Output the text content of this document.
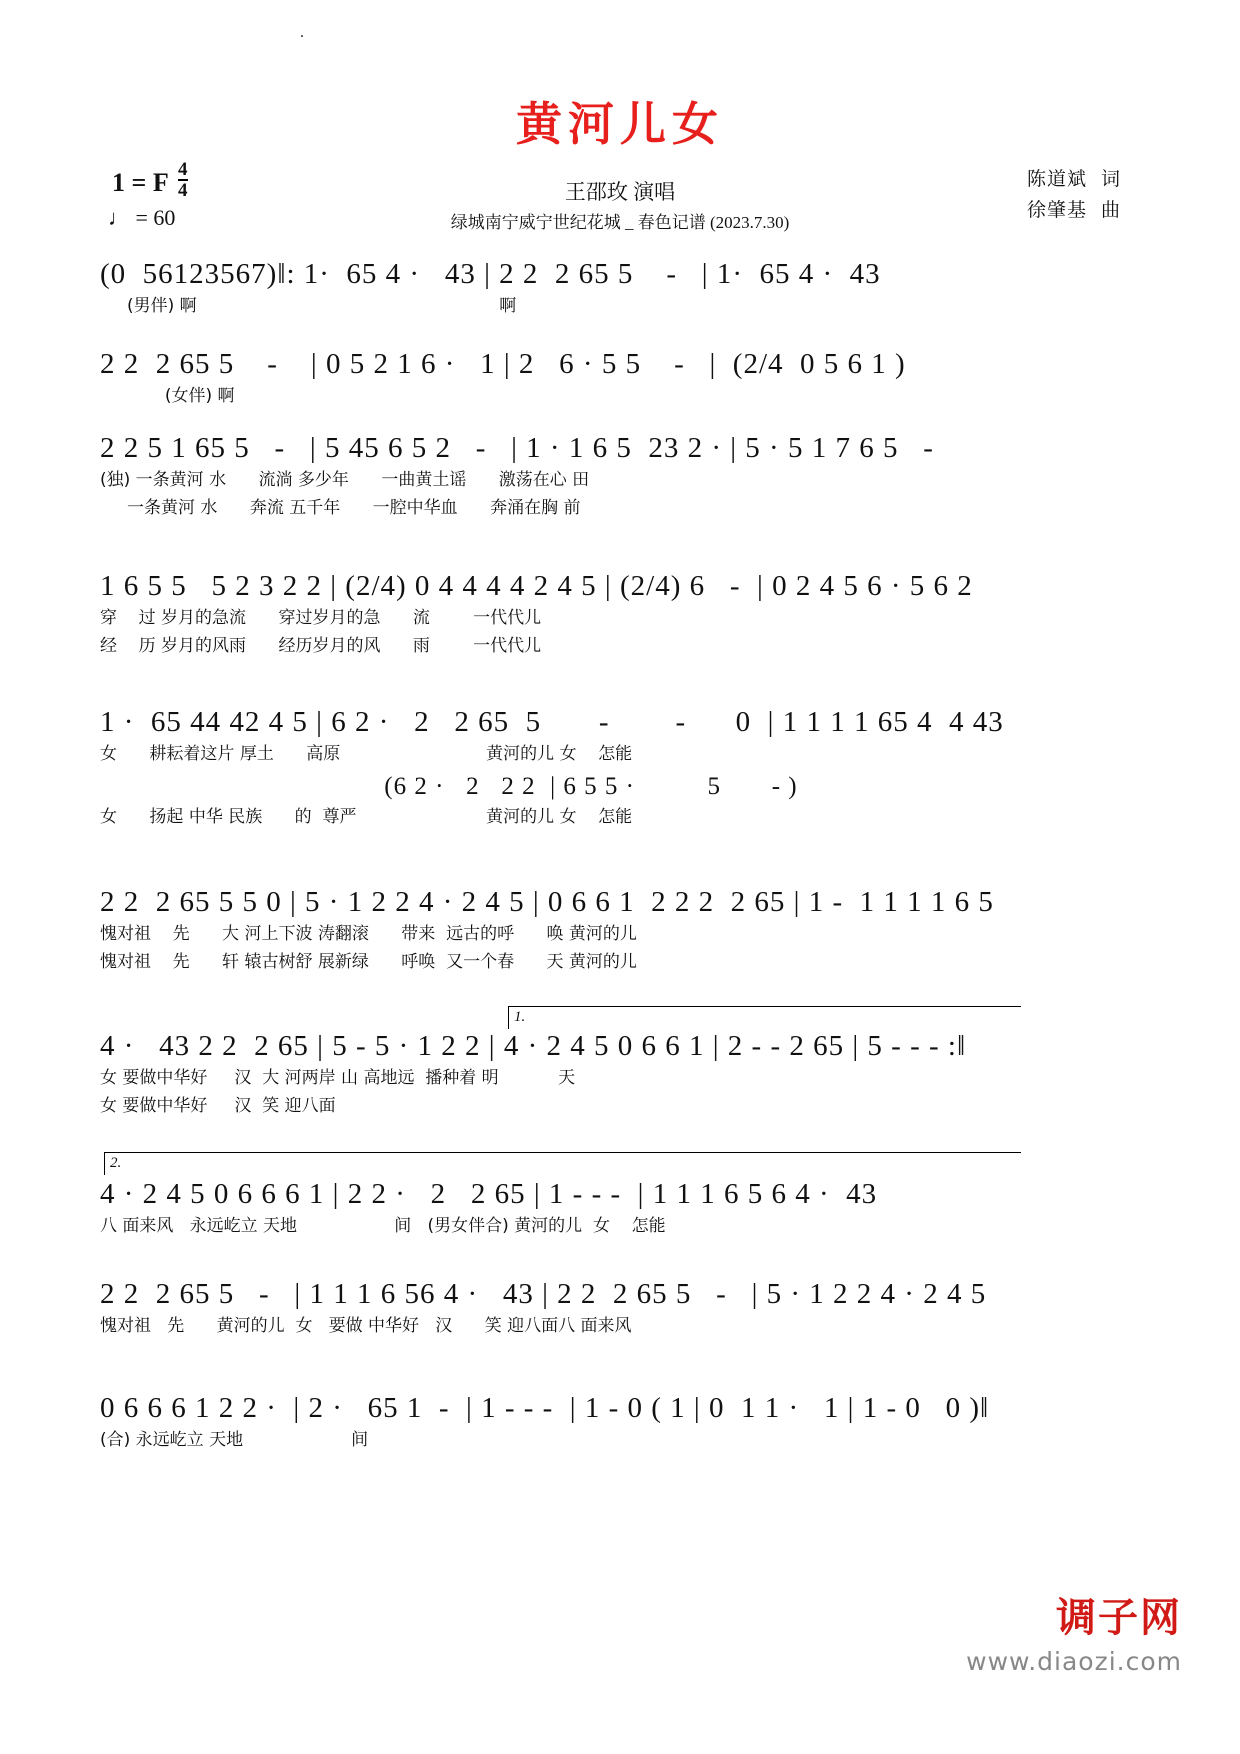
.
黄河儿女
1 = F $\frac{4}{4}$
♩ = 60
王邵玫 演唱
绿城南宁威宁世纪花城 _ 春色记谱 (2023.7.30)
陈道斌 词
徐肇基 曲
(0  56123567)‖: 1·  65 4 ·   43 | 2 2  2 65 5    -   | 1·  65 4 ·  43
(男伴) 啊                                                        啊
2 2  2 65 5    -    | 0 5 2 1 6 ·   1 | 2   6 · 5 5    -   |  (2/4  0 5 6 1 )
(女伴) 啊
2 2 5 1 65 5   -   | 5 45 6 5 2   -   | 1 · 1 6 5  23 2 · | 5 · 5 1 7 6 5   -
(独) 一条黄河 水      流淌 多少年      一曲黄土谣      激荡在心 田
一条黄河 水      奔流 五千年      一腔中华血      奔涌在胸 前
1 6 5 5   5 2 3 2 2 | (2/4) 0 4 4 4 4 2 4 5 | (2/4) 6   -  | 0 2 4 5 6 · 5 6 2
穿    过 岁月的急流      穿过岁月的急      流        一代代儿
经    历 岁月的风雨      经历岁月的风      雨        一代代儿
1 ·  65 44 42 4 5 | 6 2 ·   2   2 65  5       -        -      0  | 1 1 1 1 65 4  4 43
女      耕耘着这片 厚土      高原                           黄河的儿 女    怎能
(6 2 ·   2   2 2  | 6 5 5 ·          5       - )
女      扬起 中华 民族      的  尊严                        黄河的儿 女    怎能
2 2  2 65 5 5 0 | 5 · 1 2 2 4 · 2 4 5 | 0 6 6 1  2 2 2  2 65 | 1 -  1 1 1 1 6 5
愧对祖    先      大 河上下波 涛翻滚      带来  远古的呼      唤 黄河的儿
愧对祖    先      轩 辕古树舒 展新绿      呼唤  又一个春      天 黄河的儿
1.
4 ·   43 2 2  2 65 | 5 - 5 · 1 2 2 | 4 · 2 4 5 0 6 6 1 | 2 - - 2 65 | 5 - - - :‖
女 要做中华好     汉  大 河两岸 山 高地远  播种着 明           天
女 要做中华好     汉  笑 迎八面
2.
4 · 2 4 5 0 6 6 6 1 | 2 2 ·   2   2 65 | 1 - - -  | 1 1 1 6 5 6 4 ·  43
八 面来风   永远屹立 天地                  间   (男女伴合) 黄河的儿  女    怎能
2 2  2 65 5   -   | 1 1 1 6 56 4 ·   43 | 2 2  2 65 5   -   | 5 · 1 2 2 4 · 2 4 5
愧对祖   先      黄河的儿  女   要做 中华好   汉      笑 迎八面八 面来风
0 6 6 6 1 2 2 ·  | 2 ·   65 1  -  | 1 - - -  | 1 - 0 ( 1 | 0  1 1 ·   1 | 1 - 0   0 )‖
(合) 永远屹立 天地                    间
调子网
www.diaozi.com
